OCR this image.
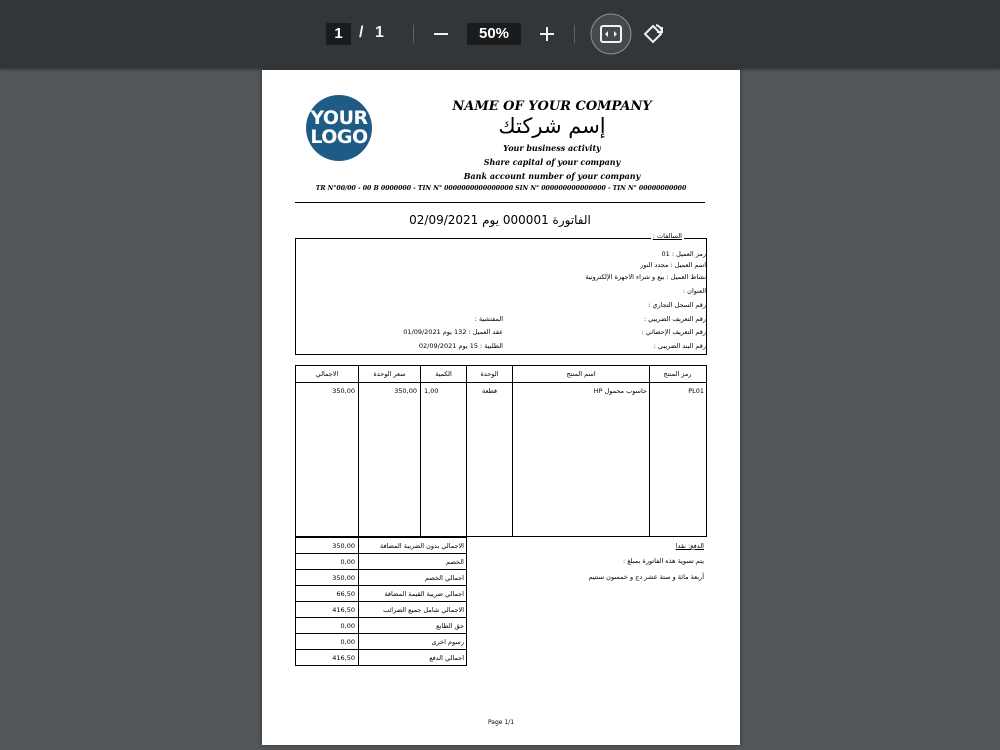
1	/ 1	50%
YOUR
LOGO
NAME OF YOUR COMPANY
إسم شركتك
Your business activity
Share capital of your company
Bank account number of your company
TR N°00/00 - 00 B 0000000 - TIN N° 0000000000000000 SIN N° 000000000000000 - TIN N° 00000000000
الفاتورة 000001 يوم 02/09/2021
السالفات :
رمز العميل : 01
اسم العميل : مجدد النور
نشاط العميل : بيع و شراء الاجهزة الإلكترونية
العنوان :
رقم السجل التجاري :
رقم التعريف الضريبي :
رقم التعريف الإحصائي :
رقم البند الضريبي :
المفتشية :
عقد العميل : 132 يوم 01/09/2021
الطلبية : 15 يوم 02/09/2021
رمز المنتج
اسم المنتج
الوحدة
الكمية
سعر الوحدة
الاجمالي
PL01
حاسوب محمول HP
قطعة
1,00
350,00
350,00
الاجمالي بدون الضريبة المضافة
350,00
الخصم
0,00
اجمالي الخصم
350,00
اجمالي ضريبة القيمة المضافة
66,50
الاجمالي شامل جميع الضرائب
416,50
حق الطابع
0,00
رسوم اخرى
0,00
اجمالي الدفع
416,50
الدفع: نقدا
يتم تسوية هذه الفاتورة بمبلغ :
أربعة مائة و ستة عشر دج و خمسون سنتيم
Page 1/1
